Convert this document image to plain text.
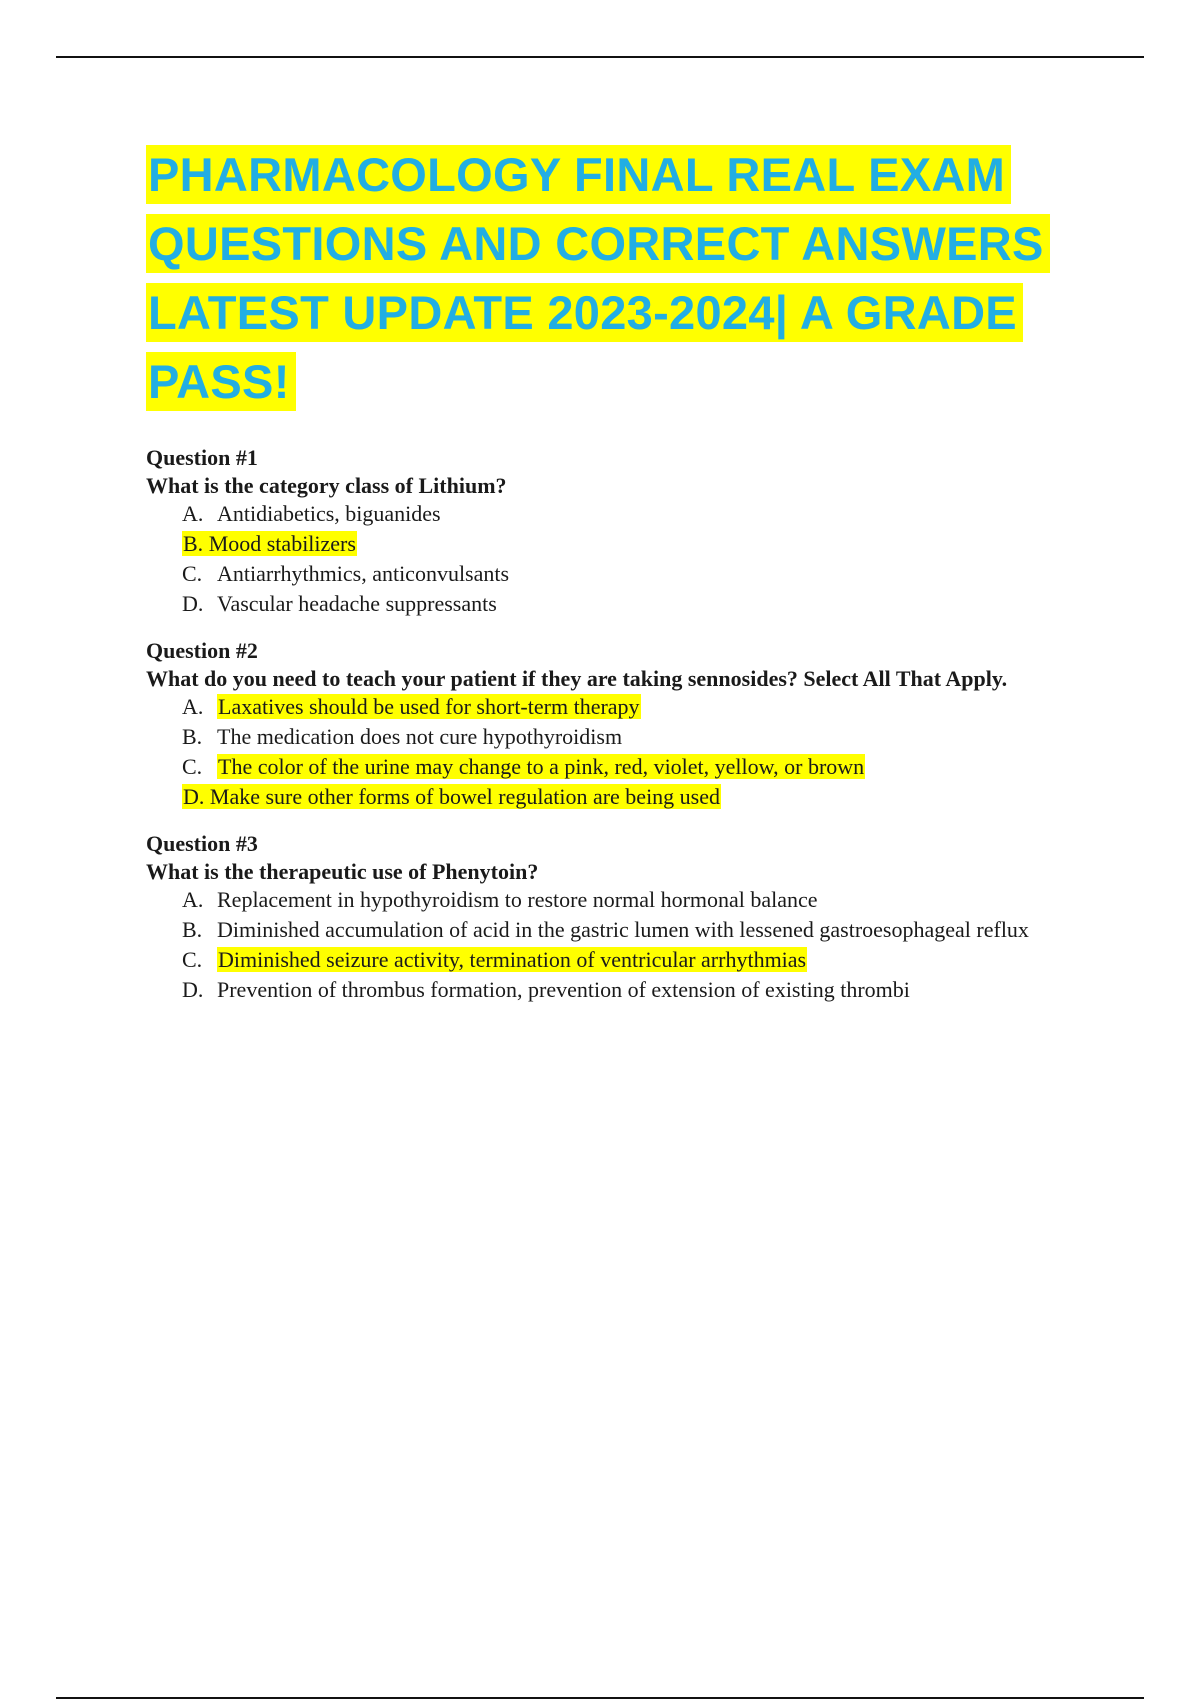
PHARMACOLOGY FINAL REAL EXAM QUESTIONS AND CORRECT ANSWERS LATEST UPDATE 2023-2024| A GRADE PASS!
Question #1
What is the category class of Lithium?
A. Antidiabetics, biguanides
B. Mood stabilizers
C. Antiarrhythmics, anticonvulsants
D. Vascular headache suppressants
Question #2
What do you need to teach your patient if they are taking sennosides? Select All That Apply.
A. Laxatives should be used for short-term therapy
B. The medication does not cure hypothyroidism
C. The color of the urine may change to a pink, red, violet, yellow, or brown
D. Make sure other forms of bowel regulation are being used
Question #3
What is the therapeutic use of Phenytoin?
A. Replacement in hypothyroidism to restore normal hormonal balance
B. Diminished accumulation of acid in the gastric lumen with lessened gastroesophageal reflux
C. Diminished seizure activity, termination of ventricular arrhythmias
D. Prevention of thrombus formation, prevention of extension of existing thrombi
